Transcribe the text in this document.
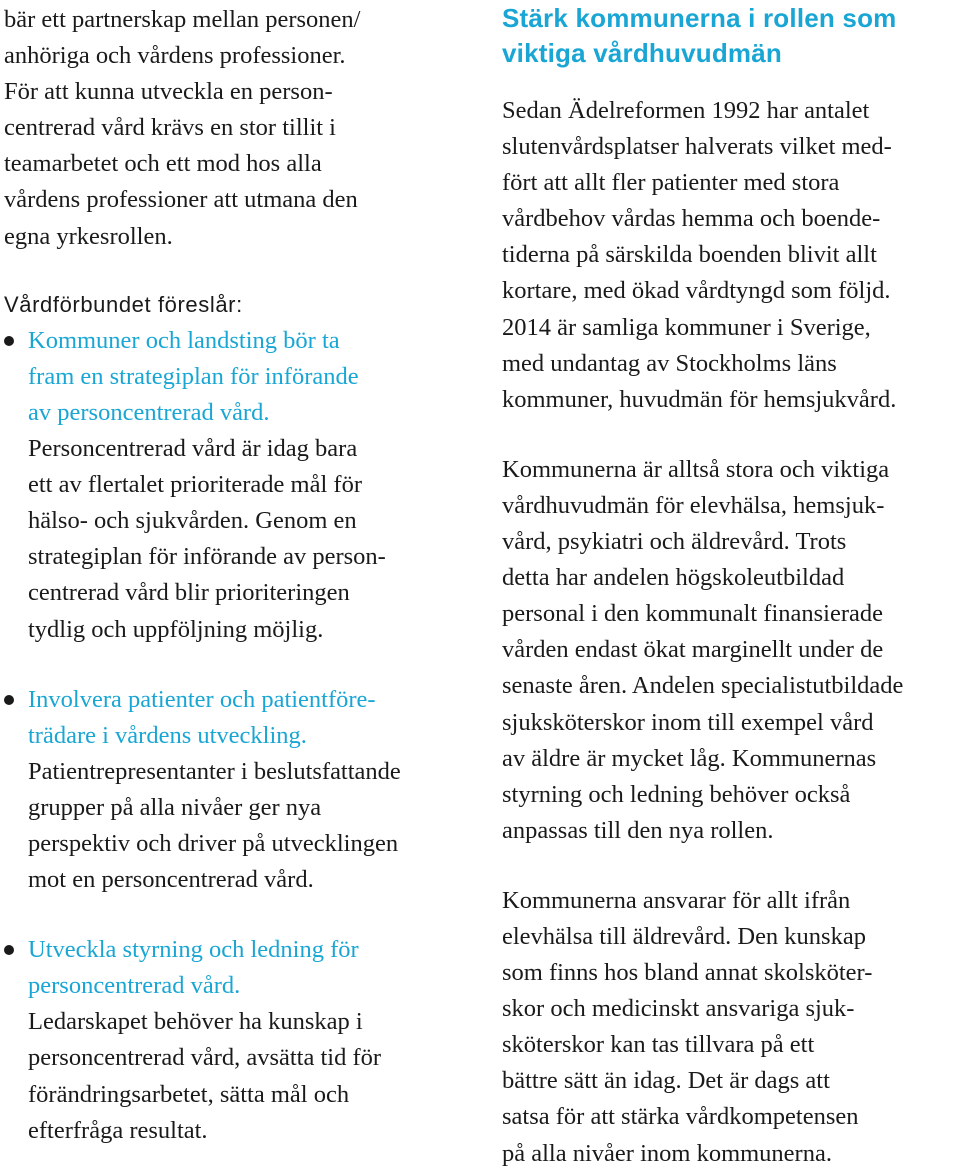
bär ett partnerskap mellan personen/
anhöriga och vårdens professioner.
För att kunna utveckla en person-
centrerad vård krävs en stor tillit i
teamarbetet och ett mod hos alla
vårdens professioner att utmana den
egna yrkesrollen.

Vårdförbundet föreslår:

Kommuner och landsting bör ta
fram en strategiplan för införande
av personcentrerad vård.

Personcentrerad vård är idag bara
ett av flertalet prioriterade mål för
hälso- och sjukvården. Genom en
strategiplan för införande av person-
centrerad vård blir prioriteringen
tydlig och uppföljning möjlig.

Involvera patienter och patientföre-
trädare i vårdens utveckling.

Patientrepresentanter i beslutsfattande
grupper på alla nivåer ger nya
perspektiv och driver på utvecklingen
mot en personcentrerad vård.

Utveckla styrning och ledning för
personcentrerad vård.

Ledarskapet behöver ha kunskap i
personcentrerad vård, avsätta tid för
förändringsarbetet, sätta mål och
efterfråga resultat.

Stärk kommunerna i rollen som
viktiga vårdhuvudmän

Sedan Ädelreformen 1992 har antalet
slutenvårdsplatser halverats vilket med-
fört att allt fler patienter med stora
vårdbehov vårdas hemma och boende-
tiderna på särskilda boenden blivit allt
kortare, med ökad vårdtyngd som följd.
2014 är samliga kommuner i Sverige,
med undantag av Stockholms läns
kommuner, huvudmän för hemsjukvård.

Kommunerna är alltså stora och viktiga
vårdhuvudmän för elevhälsa, hemsjuk-
vård, psykiatri och äldrevård. Trots
detta har andelen högskoleutbildad
personal i den kommunalt finansierade
vården endast ökat marginellt under de
senaste åren. Andelen specialistutbildade
sjuksköterskor inom till exempel vård
av äldre är mycket låg. Kommunernas
styrning och ledning behöver också
anpassas till den nya rollen.

Kommunerna ansvarar för allt ifrån
elevhälsa till äldrevård. Den kunskap
som finns hos bland annat skolsköter-
skor och medicinskt ansvariga sjuk-
sköterskor kan tas tillvara på ett
bättre sätt än idag. Det är dags att
satsa för att stärka vårdkompetensen
på alla nivåer inom kommunerna.
